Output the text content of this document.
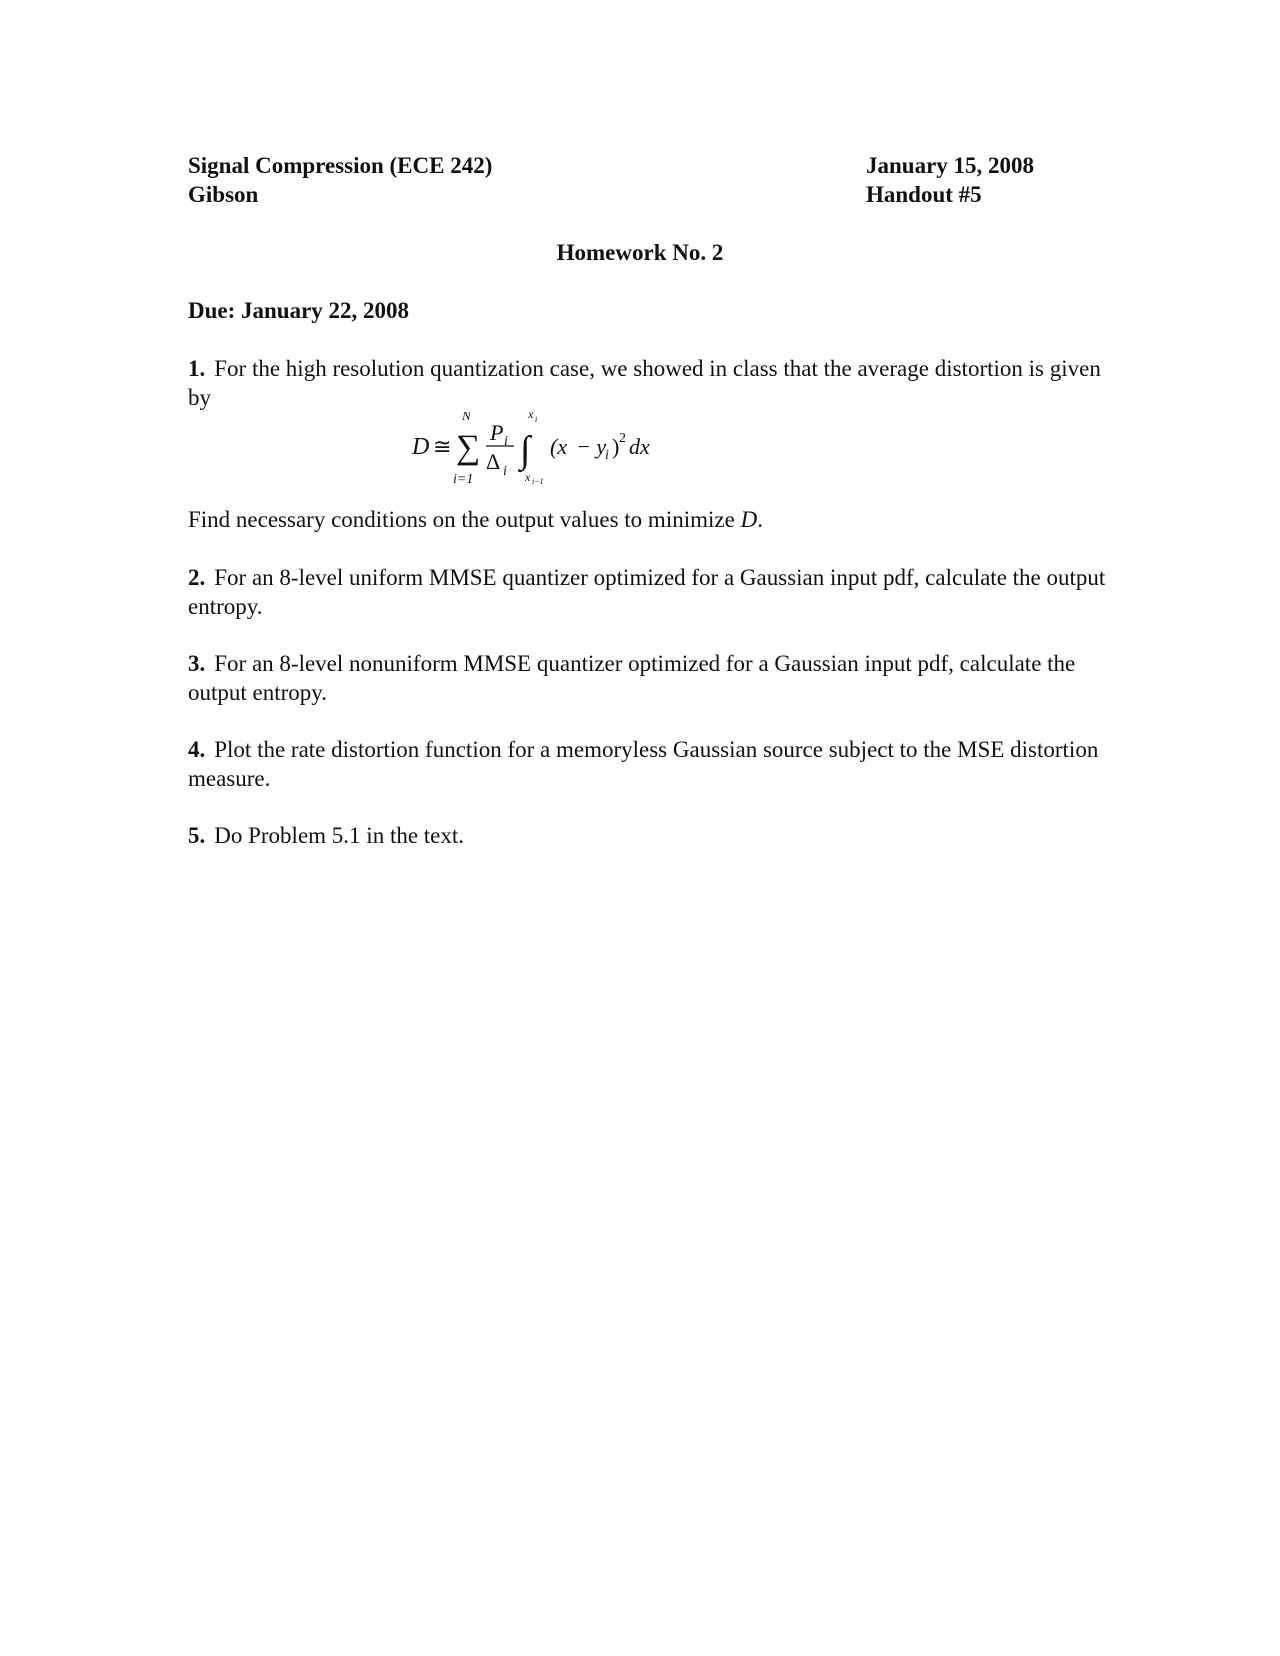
Signal Compression (ECE 242)
Gibson
January 15, 2008
Handout #5
Homework No. 2
Due: January 22, 2008
1. For the high resolution quantization case, we showed in class that the average distortion is given by
D ≅
N
∑
i=1
P i
Δ i
x i
∫
x i−1
(x − y
i ) 2 dx
Find necessary conditions on the output values to minimize D.
2. For an 8-level uniform MMSE quantizer optimized for a Gaussian input pdf, calculate the output entropy.
3. For an 8-level nonuniform MMSE quantizer optimized for a Gaussian input pdf, calculate the output entropy.
4. Plot the rate distortion function for a memoryless Gaussian source subject to the MSE distortion measure.
5. Do Problem 5.1 in the text.
